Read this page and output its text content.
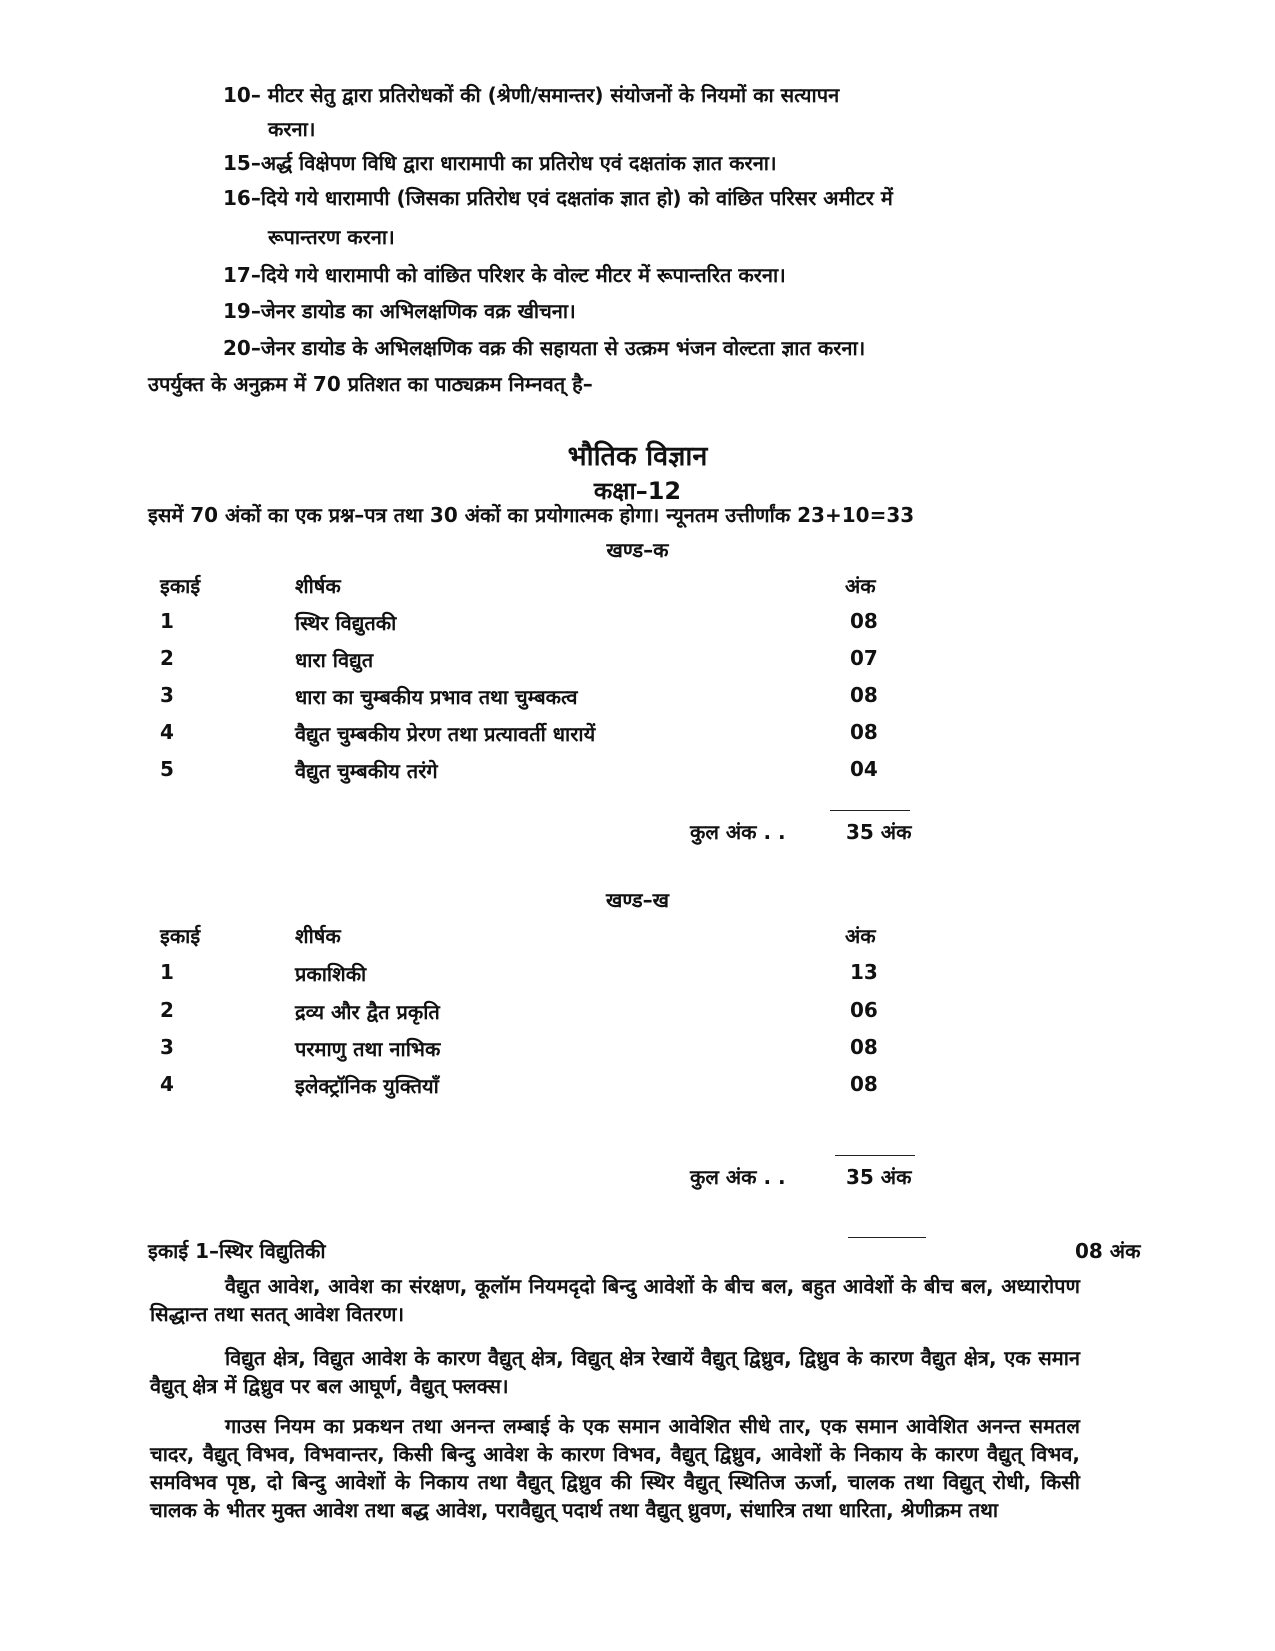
10– मीटर सेतु द्वारा प्रतिरोधकों की (श्रेणी/समान्तर) संयोजनों के नियमों का सत्यापन
करना।
15–अर्द्ध विक्षेपण विधि द्वारा धारामापी का प्रतिरोध एवं दक्षतांक ज्ञात करना।
16–दिये गये धारामापी (जिसका प्रतिरोध एवं दक्षतांक ज्ञात हो) को वांछित परिसर अमीटर में
रूपान्तरण करना।
17–दिये गये धारामापी को वांछित परिशर के वोल्ट मीटर में रूपान्तरित करना।
19–जेनर डायोड का अभिलक्षणिक वक्र खीचना।
20–जेनर डायोड के अभिलक्षणिक वक्र की सहायता से उत्क्रम भंजन वोल्टता ज्ञात करना।
उपर्युक्त के अनुक्रम में 70 प्रतिशत का पाठ्यक्रम निम्नवत् है–
भौतिक विज्ञान
कक्षा–12
इसमें 70 अंकों का एक प्रश्न–पत्र तथा 30 अंकों का प्रयोगात्मक होगा। न्यूनतम उत्तीर्णांक 23+10=33
खण्ड–क
इकाई	शीर्षक	अंक
1	स्थिर विद्युतकी	08
2	धारा विद्युत	07
3	धारा का चुम्बकीय प्रभाव तथा चुम्बकत्व	08
4	वैद्युत चुम्बकीय प्रेरण तथा प्रत्यावर्ती धारायें	08
5	वैद्युत चुम्बकीय तरंगे	04
कुल अंक . .	35 अंक
खण्ड–ख
इकाई	शीर्षक	अंक
1	प्रकाशिकी	13
2	द्रव्य और द्वैत प्रकृति	06
3	परमाणु तथा नाभिक	08
4	इलेक्ट्रॉनिक युक्तियाँ	08
कुल अंक . .	35 अंक
इकाई 1–स्थिर विद्युतिकी	08 अंक
वैद्युत आवेश, आवेश का संरक्षण, कूलॉम नियमदृदो बिन्दु आवेशों के बीच बल, बहुत आवेशों के बीच बल, अध्यारोपण सिद्धान्त तथा सतत् आवेश वितरण।
विद्युत क्षेत्र, विद्युत आवेश के कारण वैद्युत् क्षेत्र, विद्युत् क्षेत्र रेखायें वैद्युत् द्विध्रुव, द्विध्रुव के कारण वैद्युत क्षेत्र, एक समान वैद्युत् क्षेत्र में द्विध्रुव पर बल आघूर्ण, वैद्युत् फ्लक्स।
गाउस नियम का प्रकथन तथा अनन्त लम्बाई के एक समान आवेशित सीधे तार, एक समान आवेशित अनन्त समतल चादर, वैद्युत् विभव, विभवान्तर, किसी बिन्दु आवेश के कारण विभव, वैद्युत् द्विध्रुव, आवेशों के निकाय के कारण वैद्युत् विभव, समविभव पृष्ठ, दो बिन्दु आवेशों के निकाय तथा वैद्युत् द्विध्रुव की स्थिर वैद्युत् स्थितिज ऊर्जा, चालक तथा विद्युत् रोधी, किसी चालक के भीतर मुक्त आवेश तथा बद्ध आवेश, परावैद्युत् पदार्थ तथा वैद्युत् ध्रुवण, संधारित्र तथा धारिता, श्रेणीक्रम तथा
